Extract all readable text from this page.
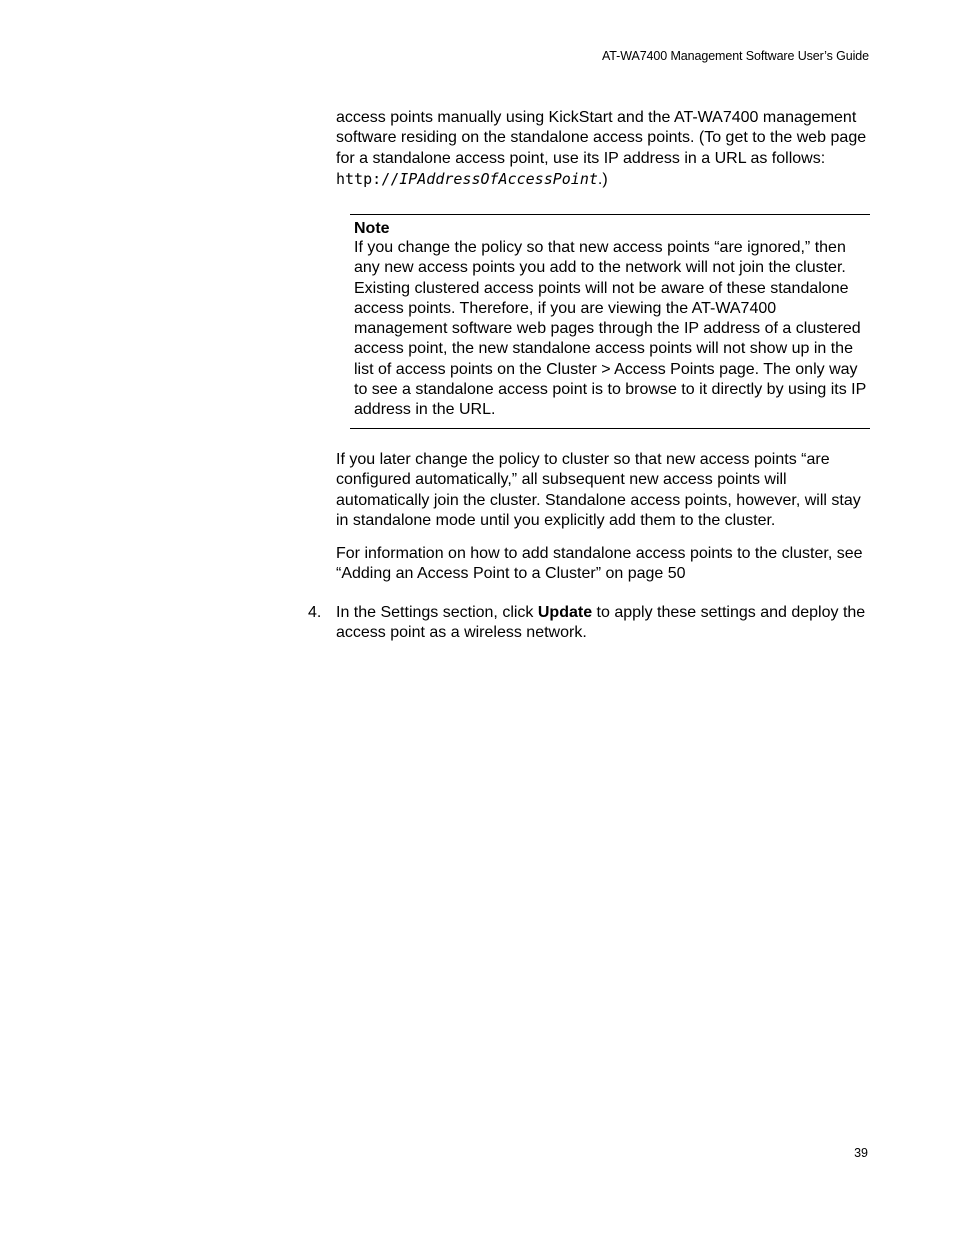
AT-WA7400 Management Software User’s Guide

access points manually using KickStart and the AT-WA7400 management software residing on the standalone access points. (To get to the web page for a standalone access point, use its IP address in a URL as follows: http://IPAddressOfAccessPoint.)

Note

If you change the policy so that new access points “are ignored,” then any new access points you add to the network will not join the cluster. Existing clustered access points will not be aware of these standalone access points. Therefore, if you are viewing the AT-WA7400 management software web pages through the IP address of a clustered access point, the new standalone access points will not show up in the list of access points on the Cluster > Access Points page. The only way to see a standalone access point is to browse to it directly by using its IP address in the URL.

If you later change the policy to cluster so that new access points “are configured automatically,” all subsequent new access points will automatically join the cluster. Standalone access points, however, will stay in standalone mode until you explicitly add them to the cluster.

For information on how to add standalone access points to the cluster, see “Adding an Access Point to a Cluster” on page 50

4. In the Settings section, click Update to apply these settings and deploy the access point as a wireless network.

39
